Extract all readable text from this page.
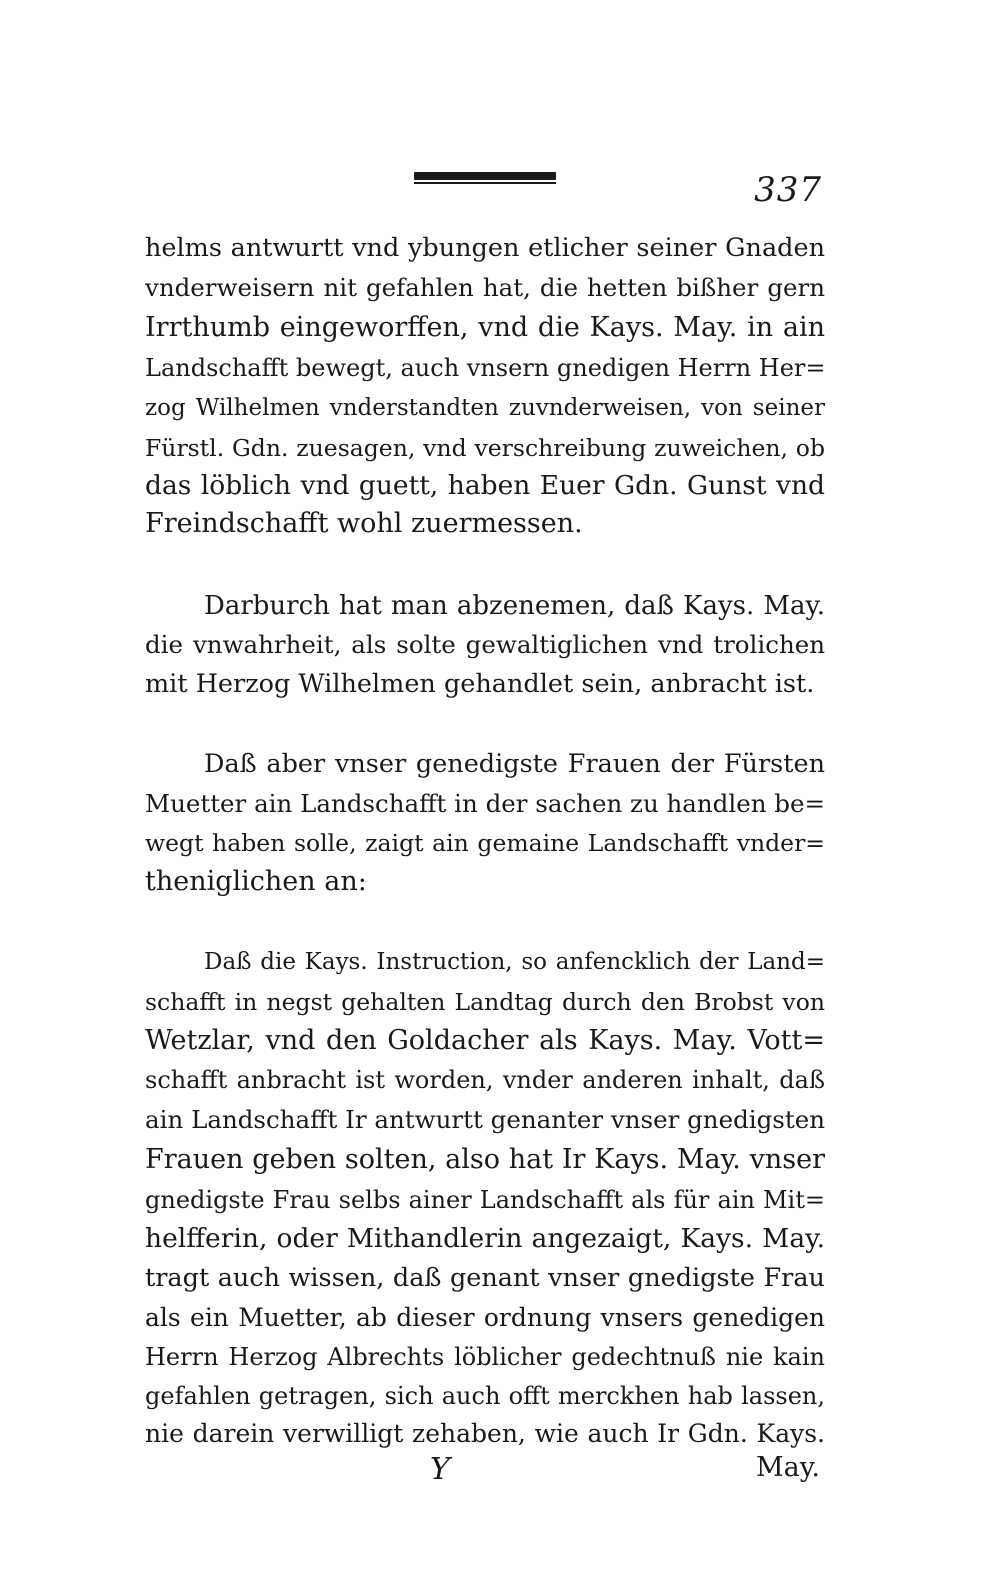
337
helms antwurtt vnd ybungen etlicher seiner Gnaden
vnderweisern nit gefahlen hat, die hetten bißher gern
Irrthumb eingeworffen, vnd die Kays. May. in ain
Landschafft bewegt, auch vnsern gnedigen Herrn Her=
zog Wilhelmen vnderstandten zuvnderweisen, von seiner
Fürstl. Gdn. zuesagen, vnd verschreibung zuweichen, ob
das löblich vnd guett, haben Euer Gdn. Gunst vnd
Freindschafft wohl zuermessen.
Darburch hat man abzenemen, daß Kays. May.
die vnwahrheit, als solte gewaltiglichen vnd trolichen
mit Herzog Wilhelmen gehandlet sein, anbracht ist.
Daß aber vnser genedigste Frauen der Fürsten
Muetter ain Landschafft in der sachen zu handlen be=
wegt haben solle, zaigt ain gemaine Landschafft vnder=
theniglichen an:
Daß die Kays. Instruction, so anfencklich der Land=
schafft in negst gehalten Landtag durch den Brobst von
Wetzlar, vnd den Goldacher als Kays. May. Vott=
schafft anbracht ist worden, vnder anderen inhalt, daß
ain Landschafft Ir antwurtt genanter vnser gnedigsten
Frauen geben solten, also hat Ir Kays. May. vnser
gnedigste Frau selbs ainer Landschafft als für ain Mit=
helfferin, oder Mithandlerin angezaigt, Kays. May.
tragt auch wissen, daß genant vnser gnedigste Frau
als ein Muetter, ab dieser ordnung vnsers genedigen
Herrn Herzog Albrechts löblicher gedechtnuß nie kain
gefahlen getragen, sich auch offt merckhen hab lassen,
nie darein verwilligt zehaben, wie auch Ir Gdn. Kays.
Y	May.
